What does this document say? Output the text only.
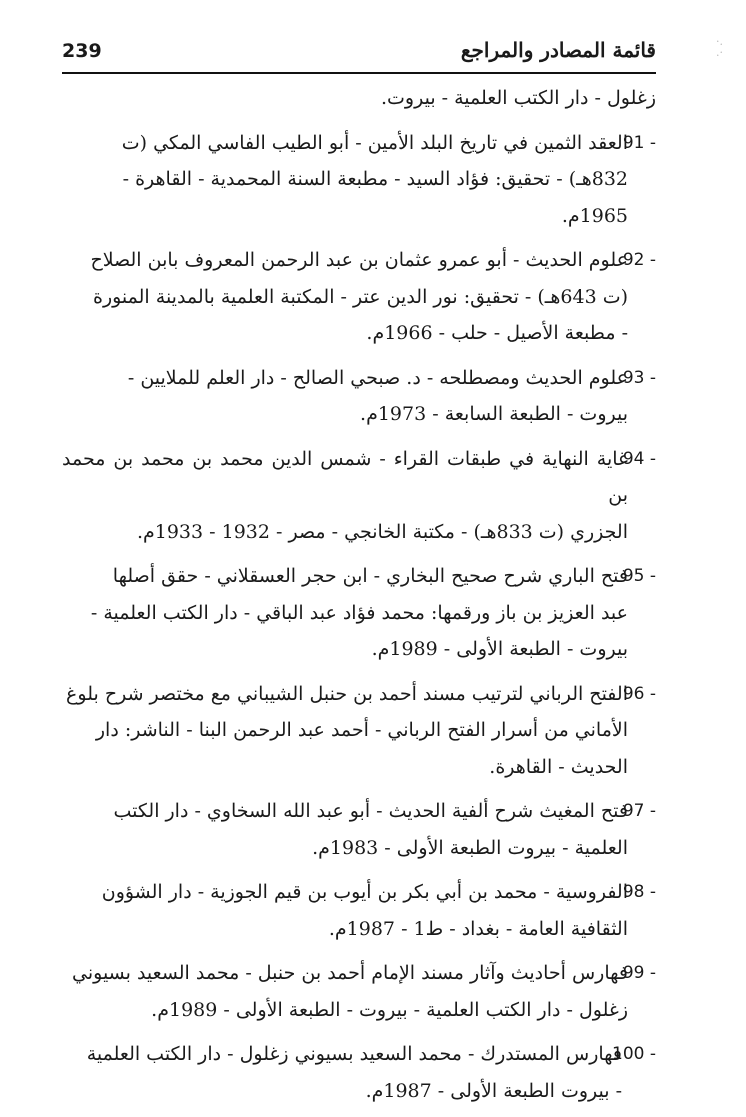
·.
.·
239	قائمة المصادر والمراجع
زغلول - دار الكتب العلمية - بيروت.
91 -
العقد الثمين في تاريخ البلد الأمين - أبو الطيب الفاسي المكي (ت
832هـ) - تحقيق: فؤاد السيد - مطبعة السنة المحمدية - القاهرة -
1965م.
92 -
علوم الحديث - أبو عمرو عثمان بن عبد الرحمن المعروف بابن الصلاح
(ت 643هـ) - تحقيق: نور الدين عتر - المكتبة العلمية بالمدينة المنورة
- مطبعة الأصيل - حلب - 1966م.
93 -
علوم الحديث ومصطلحه - د. صبحي الصالح - دار العلم للملايين -
بيروت - الطبعة السابعة - 1973م.
94 -
غاية النهاية في طبقات القراء - شمس الدين محمد بن محمد بن محمد بن
الجزري (ت 833هـ) - مكتبة الخانجي - مصر - 1932 - 1933م.
95 -
فتح الباري شرح صحيح البخاري - ابن حجر العسقلاني - حقق أصلها
عبد العزيز بن باز ورقمها: محمد فؤاد عبد الباقي - دار الكتب العلمية -
بيروت - الطبعة الأولى - 1989م.
96 -
الفتح الرباني لترتيب مسند أحمد بن حنبل الشيباني مع مختصر شرح بلوغ
الأماني من أسرار الفتح الرباني - أحمد عبد الرحمن البنا - الناشر: دار
الحديث - القاهرة.
97 -
فتح المغيث شرح ألفية الحديث - أبو عبد الله السخاوي - دار الكتب
العلمية - بيروت الطبعة الأولى - 1983م.
98 -
الفروسية - محمد بن أبي بكر بن أيوب بن قيم الجوزية - دار الشؤون
الثقافية العامة - بغداد - ط1 - 1987م.
99 -
فهارس أحاديث وآثار مسند الإمام أحمد بن حنبل - محمد السعيد بسيوني
زغلول - دار الكتب العلمية - بيروت - الطبعة الأولى - 1989م.
100 -
فهارس المستدرك - محمد السعيد بسيوني زغلول - دار الكتب العلمية
- بيروت الطبعة الأولى - 1987م.
